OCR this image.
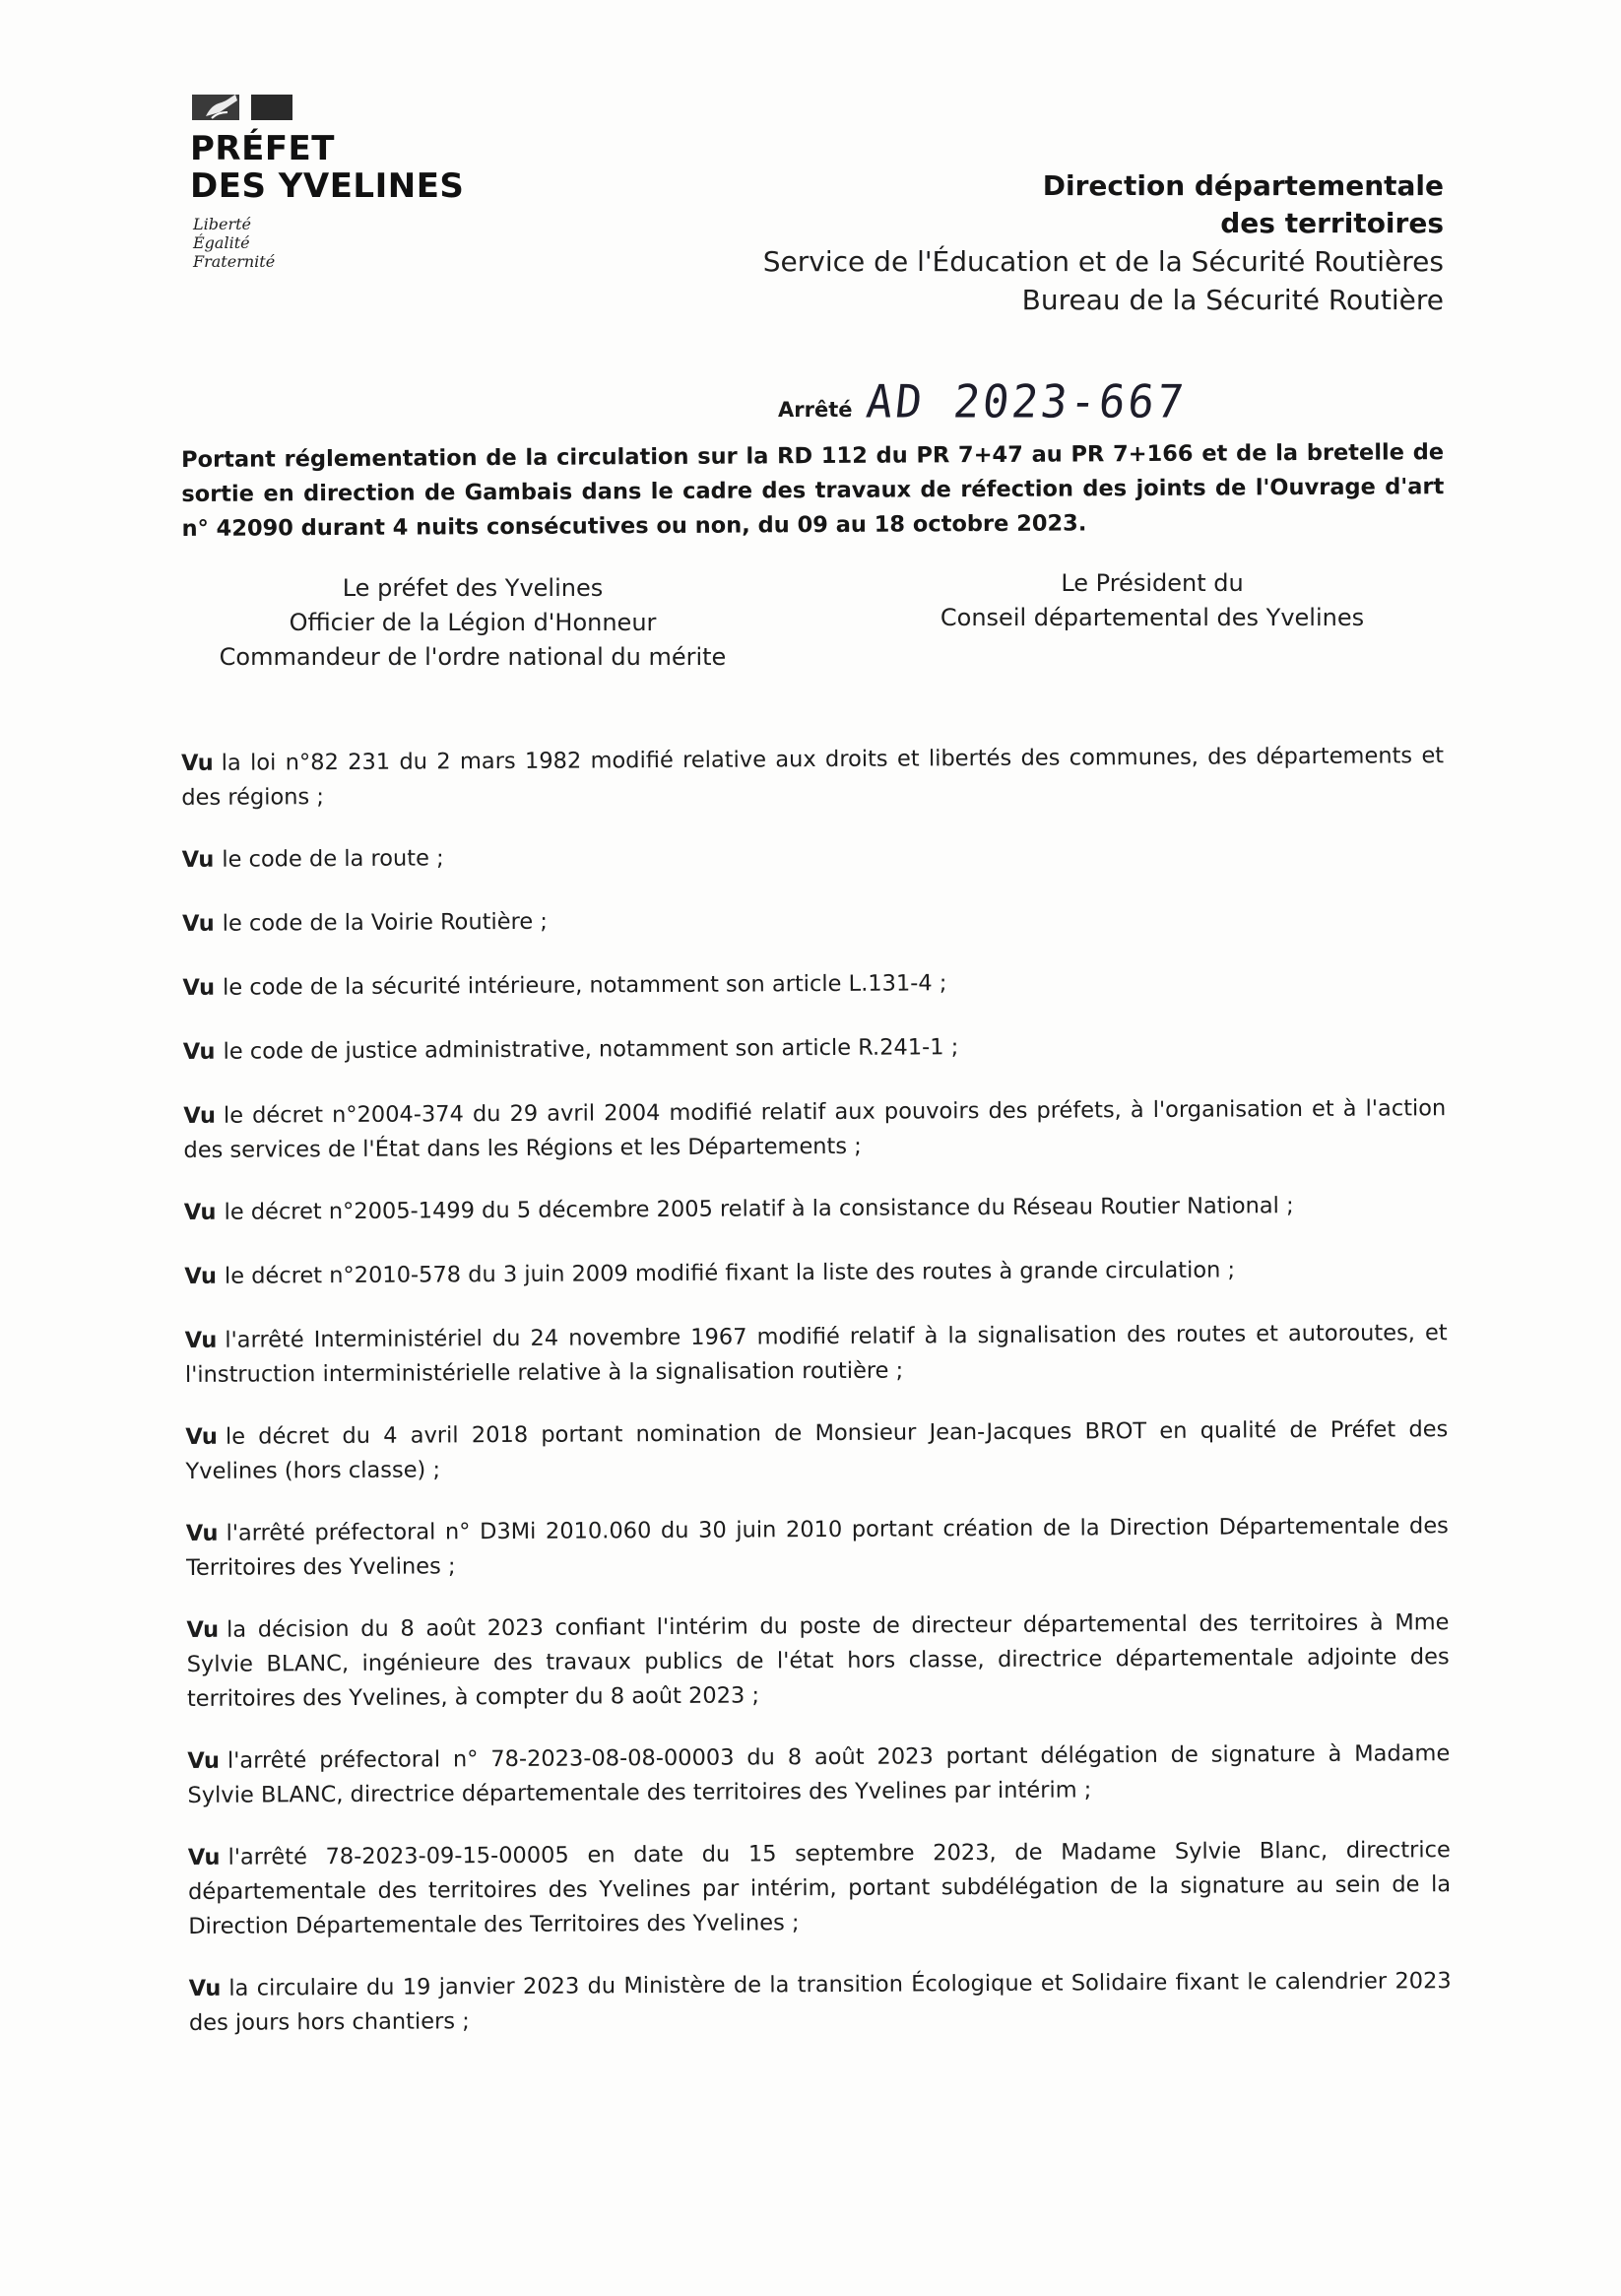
PRÉFET
DES YVELINES
Liberté
Égalité
Fraternité
Direction départementale
des territoires
Service de l'Éducation et de la Sécurité Routières
Bureau de la Sécurité Routière
Arrêté AD 2023-667
Portant réglementation de la circulation sur la RD 112 du PR 7+47 au PR 7+166 et de la bretelle de sortie en direction de Gambais dans le cadre des travaux de réfection des joints de l'Ouvrage d'art n° 42090 durant 4 nuits consécutives ou non, du 09 au 18 octobre 2023.
Le préfet des Yvelines
Officier de la Légion d'Honneur
Commandeur de l'ordre national du mérite
Le Président du
Conseil départemental des Yvelines

Vu la loi n°82 231 du 2 mars 1982 modifié relative aux droits et libertés des communes, des départements et des régions ;

Vu le code de la route ;

Vu le code de la Voirie Routière ;

Vu le code de la sécurité intérieure, notamment son article L.131-4 ;

Vu le code de justice administrative, notamment son article R.241-1 ;

Vu le décret n°2004-374 du 29 avril 2004 modifié relatif aux pouvoirs des préfets, à l'organisation et à l'action des services de l'État dans les Régions et les Départements ;

Vu le décret n°2005-1499 du 5 décembre 2005 relatif à la consistance du Réseau Routier National ;

Vu le décret n°2010-578 du 3 juin 2009 modifié fixant la liste des routes à grande circulation ;

Vu l'arrêté Interministériel du 24 novembre 1967 modifié relatif à la signalisation des routes et autoroutes, et l'instruction interministérielle relative à la signalisation routière ;

Vu le décret du 4 avril 2018 portant nomination de Monsieur Jean-Jacques BROT en qualité de Préfet des Yvelines (hors classe) ;

Vu l'arrêté préfectoral n° D3Mi 2010.060 du 30 juin 2010 portant création de la Direction Départementale des Territoires des Yvelines ;

Vu la décision du 8 août 2023 confiant l'intérim du poste de directeur départemental des territoires à Mme Sylvie BLANC, ingénieure des travaux publics de l'état hors classe, directrice départementale adjointe des territoires des Yvelines, à compter du 8 août 2023 ;

Vu l'arrêté préfectoral n° 78-2023-08-08-00003 du 8 août 2023 portant délégation de signature à Madame Sylvie BLANC, directrice départementale des territoires des Yvelines par intérim ;

Vu l'arrêté 78-2023-09-15-00005 en date du 15 septembre 2023, de Madame Sylvie Blanc, directrice départementale des territoires des Yvelines par intérim, portant subdélégation de la signature au sein de la Direction Départementale des Territoires des Yvelines ;

Vu la circulaire du 19 janvier 2023 du Ministère de la transition Écologique et Solidaire fixant le calendrier 2023 des jours hors chantiers ;
